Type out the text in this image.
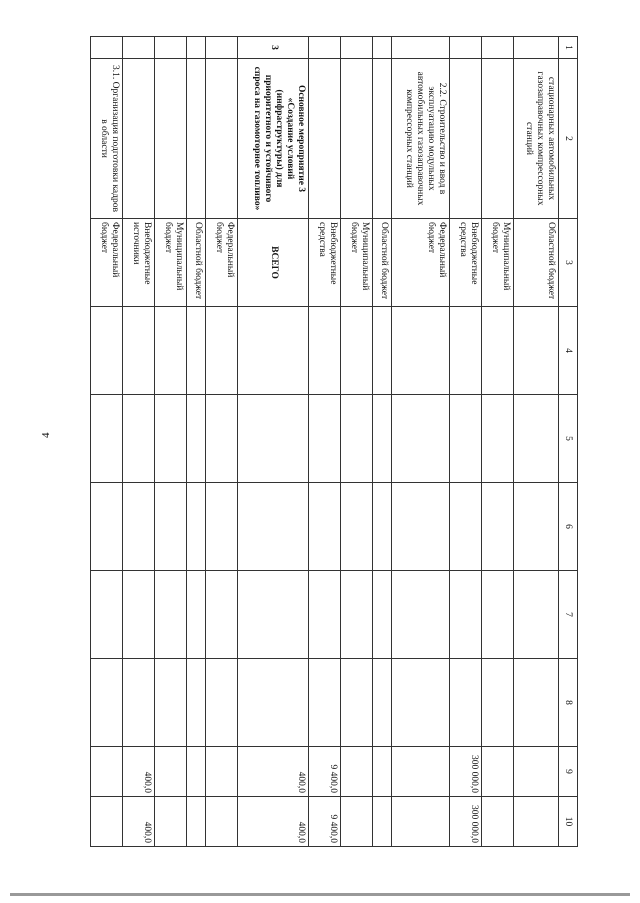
4
1	2	3	4	5	6	7	8	9	10
	стационарных автомобильных газозаправочных компрессорных станций	Областной бюджет							
		Муниципальный бюджет							
		Внебюджетные средства						300 000,0	300 000,0
	2.2. Строительство и ввод в эксплуатацию модульных автомобильных газозаправочных компрессорных станций	Федеральный бюджет							
		Областной бюджет							
		Муниципальный бюджет							
		Внебюджетные средства						9 400,0	9 400,0
3	Основное мероприятие 3 «Создание условий (инфраструктуры) для приоритетного и устойчивого спроса на газомоторное топливо»	ВСЕГО						400,0	400,0
		Федеральный бюджет							
		Областной бюджет							
		Муниципальный бюджет							
		Внебюджетные источники						400,0	400,0
	3.1. Организация подготовки кадров в области	Федеральный бюджет							
